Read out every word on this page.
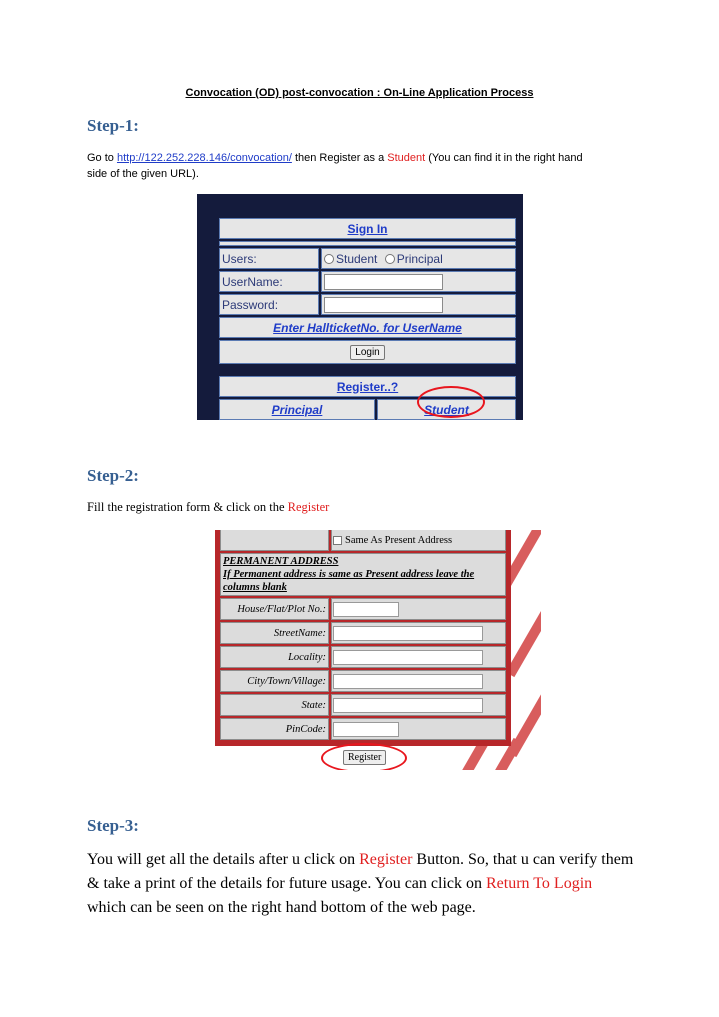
Convocation (OD) post-convocation : On-Line Application Process
Step-1:
Go to http://122.252.228.146/convocation/ then Register as a Student (You can find it in the right hand
side of the given URL).
Sign In	

Users:	Student Principal
UserName:	
Password:	
Enter HallticketNo. for UserName	
Login	
Register..?
Principal	Student
Step-2:
Fill the registration form & click on the Register
	Same As Present Address
PERMANENT ADDRESS
If Permanent address is same as Present address leave the columns blank	
House/Flat/Plot No.:	
StreetName:	
Locality:	
City/Town/Village:	
State:	
PinCode:	
Register
Step-3:
You will get all the details after u click on Register Button. So, that u can verify them & take a print of the details for future usage. You can click on Return To Login which can be seen on the right hand bottom of the web page.
